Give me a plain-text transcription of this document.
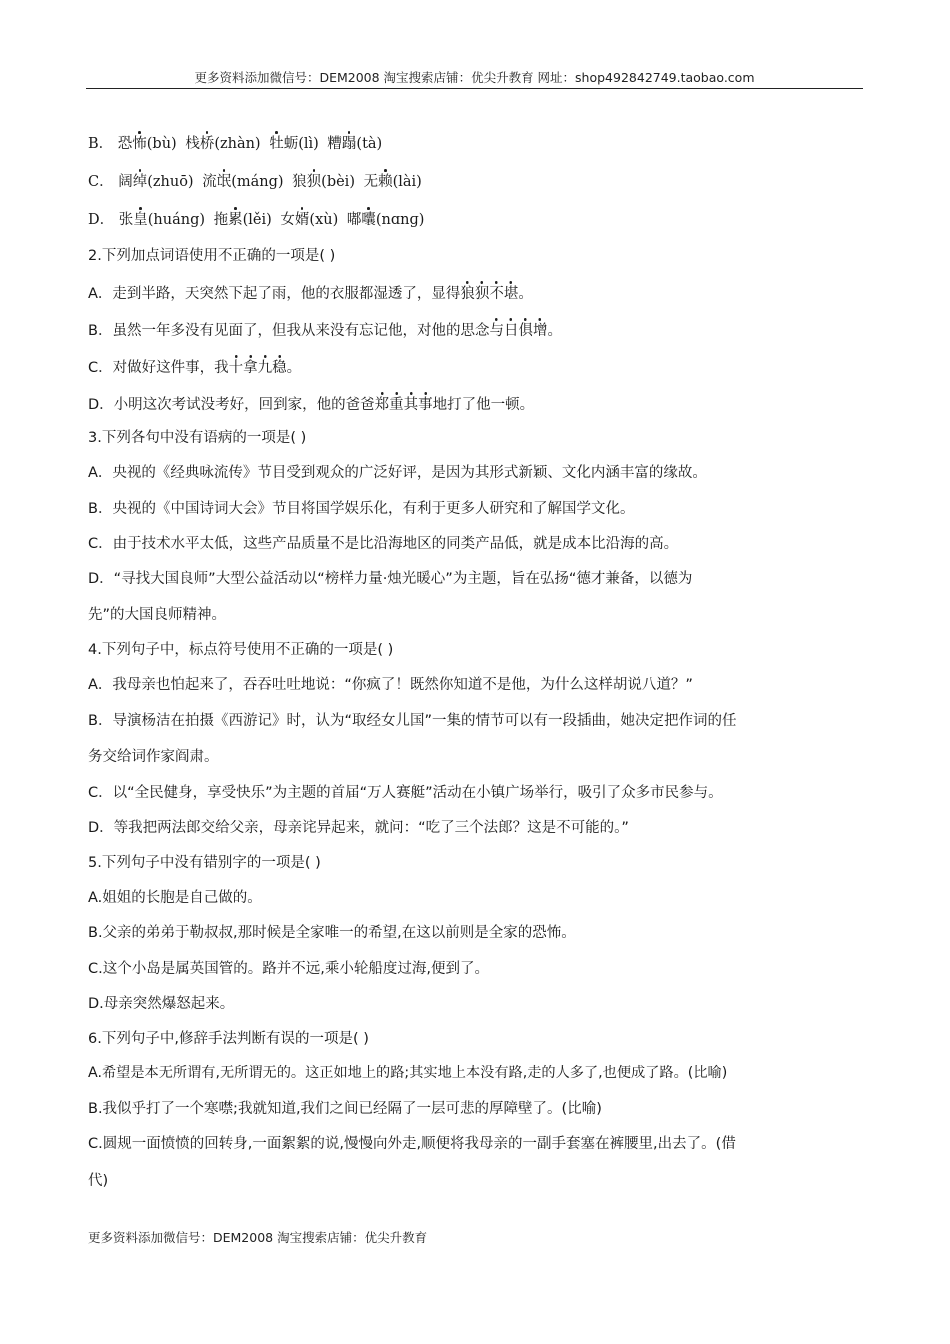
更多资料添加微信号：DEM2008 淘宝搜索店铺：优尖升教育 网址：shop492842749.taobao.com
B． 恐怖(bù) 栈桥(zhàn) 牡蛎(lì) 糟蹋(tà)
C． 阔绰(zhuō) 流氓(máng) 狼狈(bèi) 无赖(lài)
D． 张皇(huáng) 拖累(lěi) 女婿(xù) 嘟囔(nɑnɡ)
2.下列加点词语使用不正确的一项是( )
A．走到半路，天突然下起了雨，他的衣服都湿透了，显得狼狈不堪。
B．虽然一年多没有见面了，但我从来没有忘记他，对他的思念与日俱增。
C．对做好这件事，我十拿九稳。
D．小明这次考试没考好，回到家，他的爸爸郑重其事地打了他一顿。
3.下列各句中没有语病的一项是( )
A．央视的《经典咏流传》节目受到观众的广泛好评，是因为其形式新颖、文化内涵丰富的缘故。
B．央视的《中国诗词大会》节目将国学娱乐化，有利于更多人研究和了解国学文化。
C．由于技术水平太低，这些产品质量不是比沿海地区的同类产品低，就是成本比沿海的高。
D．“寻找大国良师”大型公益活动以“榜样力量·烛光暖心”为主题，旨在弘扬“德才兼备，以德为
先”的大国良师精神。
4.下列句子中，标点符号使用不正确的一项是( )
A．我母亲也怕起来了，吞吞吐吐地说：“你疯了！既然你知道不是他，为什么这样胡说八道？”
B．导演杨洁在拍摄《西游记》时，认为“取经女儿国”一集的情节可以有一段插曲，她决定把作词的任
务交给词作家阎肃。
C．以“全民健身，享受快乐”为主题的首届“万人赛艇”活动在小镇广场举行，吸引了众多市民参与。
D．等我把两法郎交给父亲，母亲诧异起来，就问：“吃了三个法郎？这是不可能的。”
5.下列句子中没有错别字的一项是( )
A.姐姐的长胞是自己做的。
B.父亲的弟弟于勒叔叔,那时候是全家唯一的希望,在这以前则是全家的恐怖。
C.这个小岛是属英国管的。路并不远,乘小轮船度过海,便到了。
D.母亲突然爆怒起来。
6.下列句子中,修辞手法判断有误的一项是( )
A.希望是本无所谓有,无所谓无的。这正如地上的路;其实地上本没有路,走的人多了,也便成了路。(比喻)
B.我似乎打了一个寒噤;我就知道,我们之间已经隔了一层可悲的厚障壁了。(比喻)
C.圆规一面愤愤的回转身,一面絮絮的说,慢慢向外走,顺便将我母亲的一副手套塞在裤腰里,出去了。(借
代)
更多资料添加微信号：DEM2008 淘宝搜索店铺：优尖升教育
